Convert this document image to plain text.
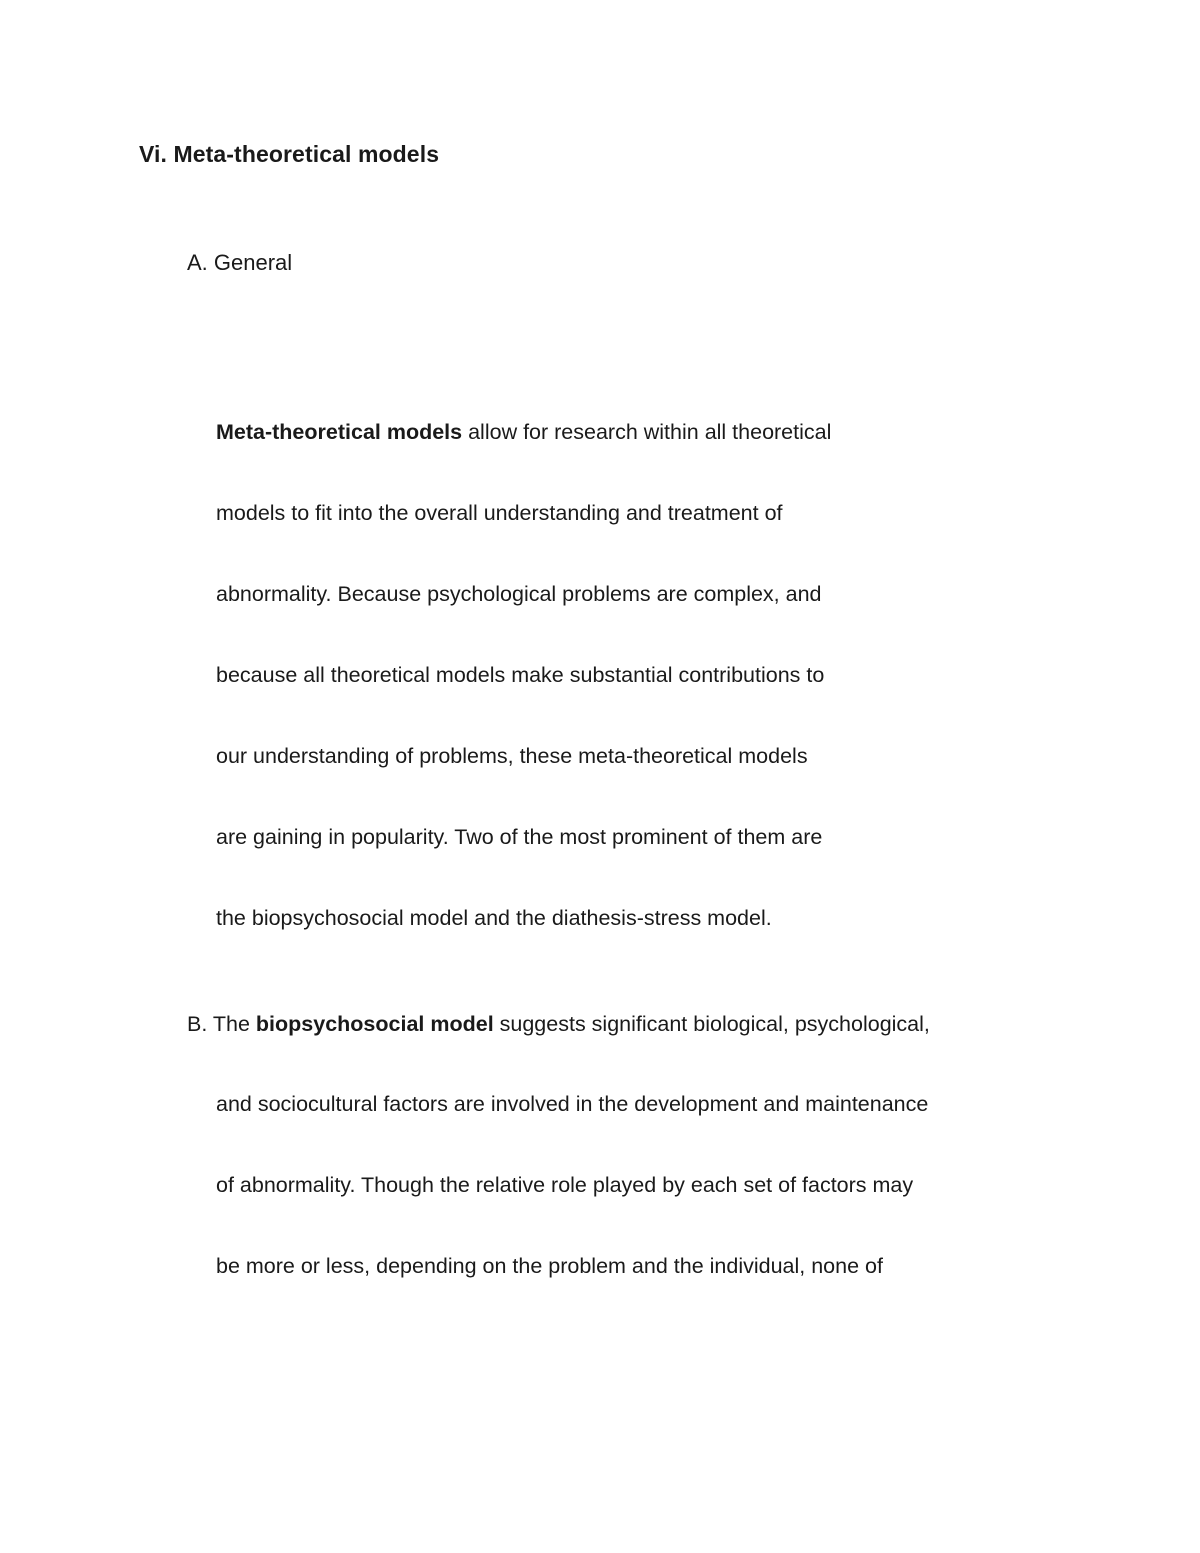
Vi. Meta-theoretical models
A. General
Meta-theoretical models allow for research within all theoretical
models to fit into the overall understanding and treatment of
abnormality. Because psychological problems are complex, and
because all theoretical models make substantial contributions to
our understanding of problems, these meta-theoretical models
are gaining in popularity. Two of the most prominent of them are
the biopsychosocial model and the diathesis-stress model.
B. The biopsychosocial model suggests significant biological, psychological,
and sociocultural factors are involved in the development and maintenance
of abnormality. Though the relative role played by each set of factors may
be more or less, depending on the problem and the individual, none of
